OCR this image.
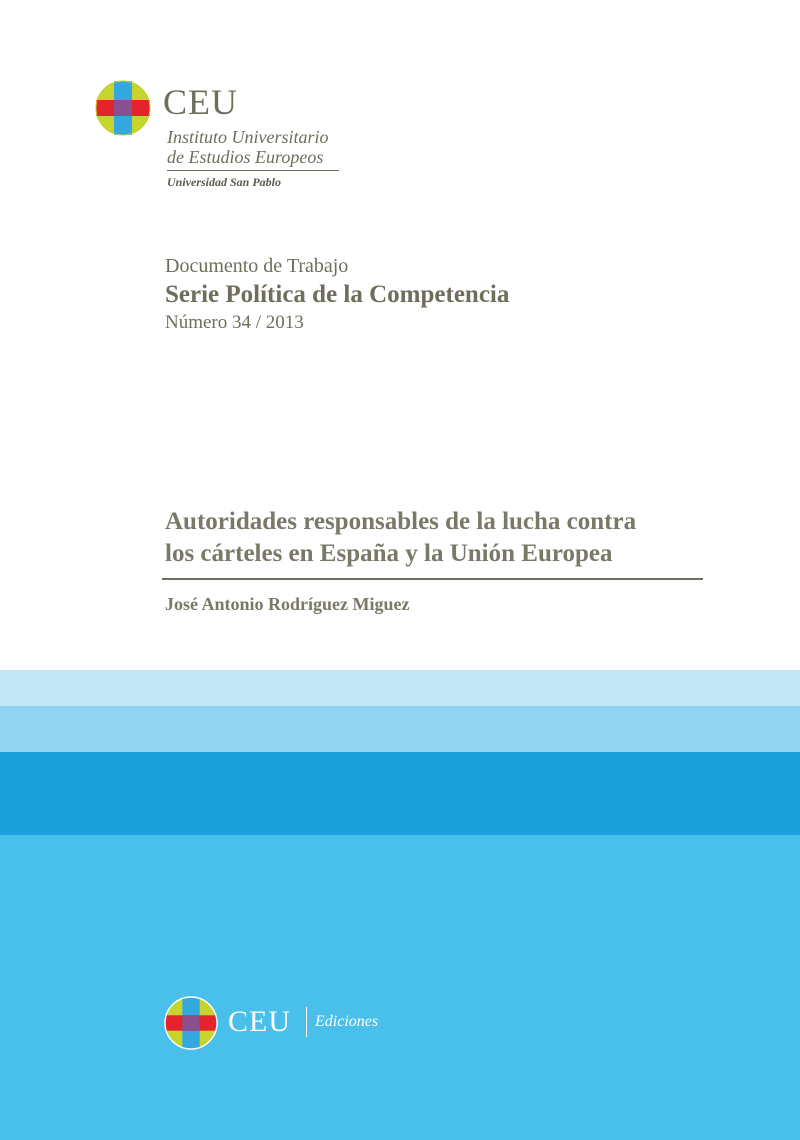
CEU
Instituto Universitario
de Estudios Europeos
Universidad San Pablo
Documento de Trabajo
Serie Política de la Competencia
Número 34 / 2013
Autoridades responsables de la lucha contra
los cárteles en España y la Unión Europea
José Antonio Rodríguez Miguez
CEU Ediciones
